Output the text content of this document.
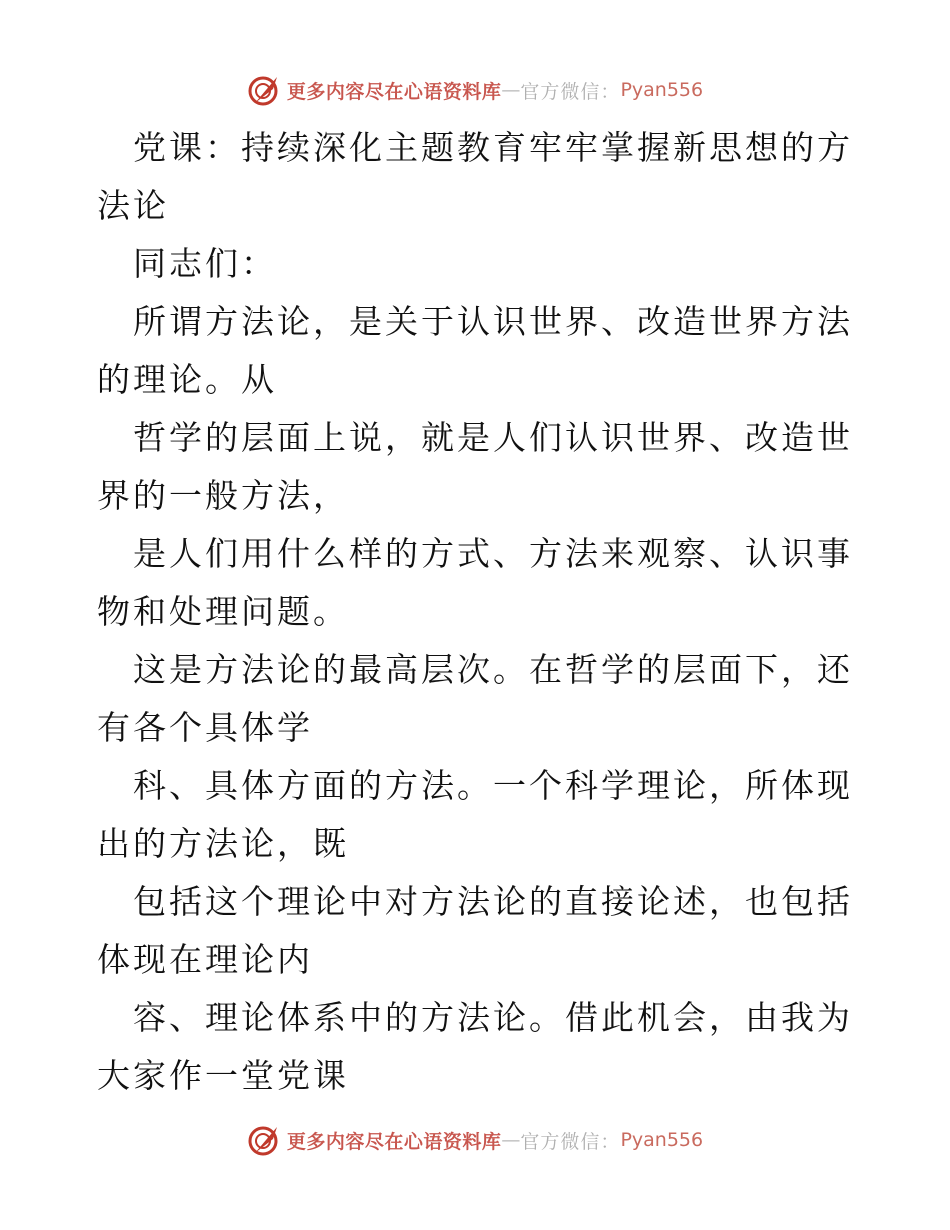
更多内容尽在心语资料库 — 官方微信： Pyan556

党课：持续深化主题教育牢牢掌握新思想的方法论

同志们：

所谓方法论，是关于认识世界、改造世界方法的理论。从

哲学的层面上说，就是人们认识世界、改造世界的一般方法，

是人们用什么样的方式、方法来观察、认识事物和处理问题。

这是方法论的最高层次。在哲学的层面下，还有各个具体学

科、具体方面的方法。一个科学理论，所体现出的方法论，既

包括这个理论中对方法论的直接论述，也包括体现在理论内

容、理论体系中的方法论。借此机会，由我为大家作一堂党课

更多内容尽在心语资料库 — 官方微信： Pyan556
